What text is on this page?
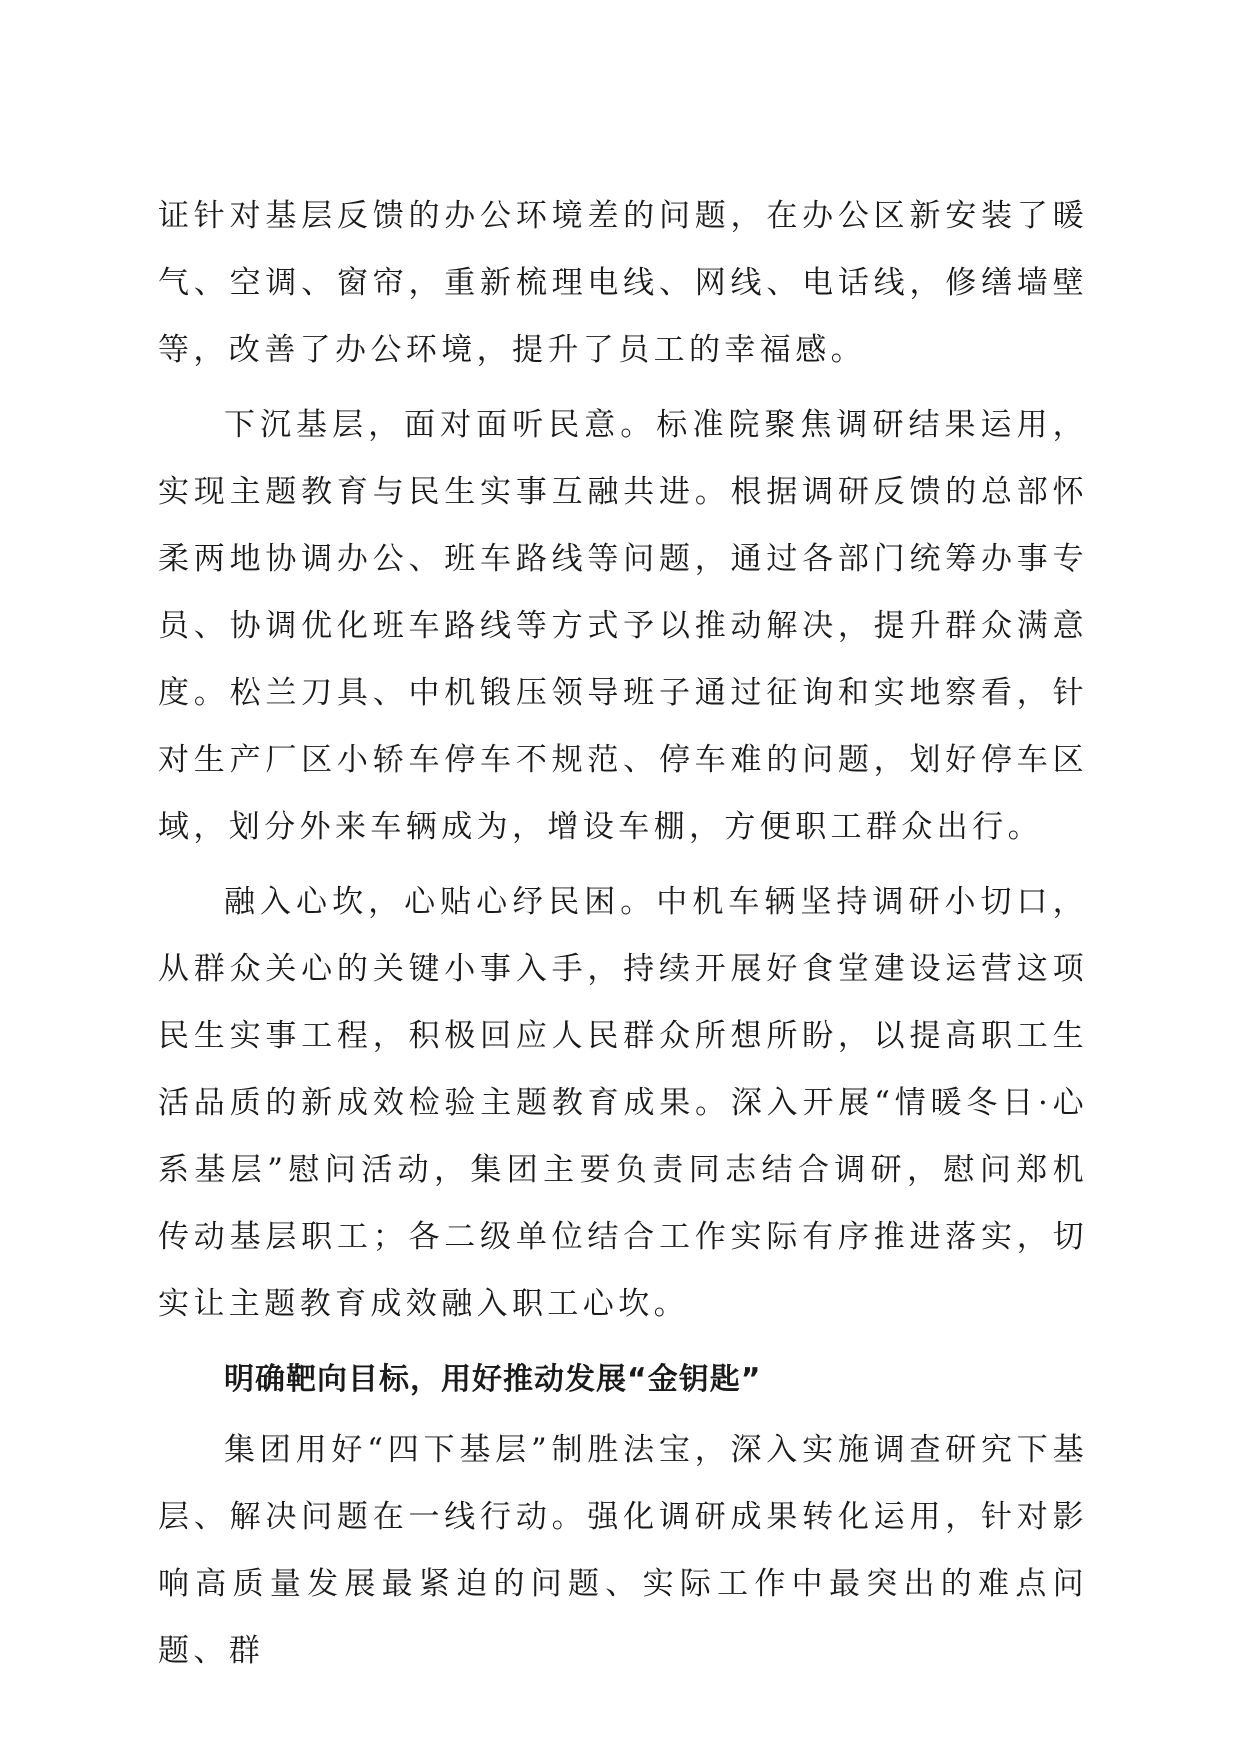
证针对基层反馈的办公环境差的问题，在办公区新安装了暖气、空调、窗帘，重新梳理电线、网线、电话线，修缮墙壁等，改善了办公环境，提升了员工的幸福感。

下沉基层，面对面听民意。标准院聚焦调研结果运用，实现主题教育与民生实事互融共进。根据调研反馈的总部怀柔两地协调办公、班车路线等问题，通过各部门统筹办事专员、协调优化班车路线等方式予以推动解决，提升群众满意度。松兰刀具、中机锻压领导班子通过征询和实地察看，针对生产厂区小轿车停车不规范、停车难的问题，划好停车区域，划分外来车辆成为，增设车棚，方便职工群众出行。

融入心坎，心贴心纾民困。中机车辆坚持调研小切口，从群众关心的关键小事入手，持续开展好食堂建设运营这项民生实事工程，积极回应人民群众所想所盼，以提高职工生活品质的新成效检验主题教育成果。深入开展“情暖冬日·心系基层”慰问活动，集团主要负责同志结合调研，慰问郑机传动基层职工；各二级单位结合工作实际有序推进落实，切实让主题教育成效融入职工心坎。

明确靶向目标，用好推动发展“金钥匙”

集团用好“四下基层”制胜法宝，深入实施调查研究下基层、解决问题在一线行动。强化调研成果转化运用，针对影响高质量发展最紧迫的问题、实际工作中最突出的难点问题、群
